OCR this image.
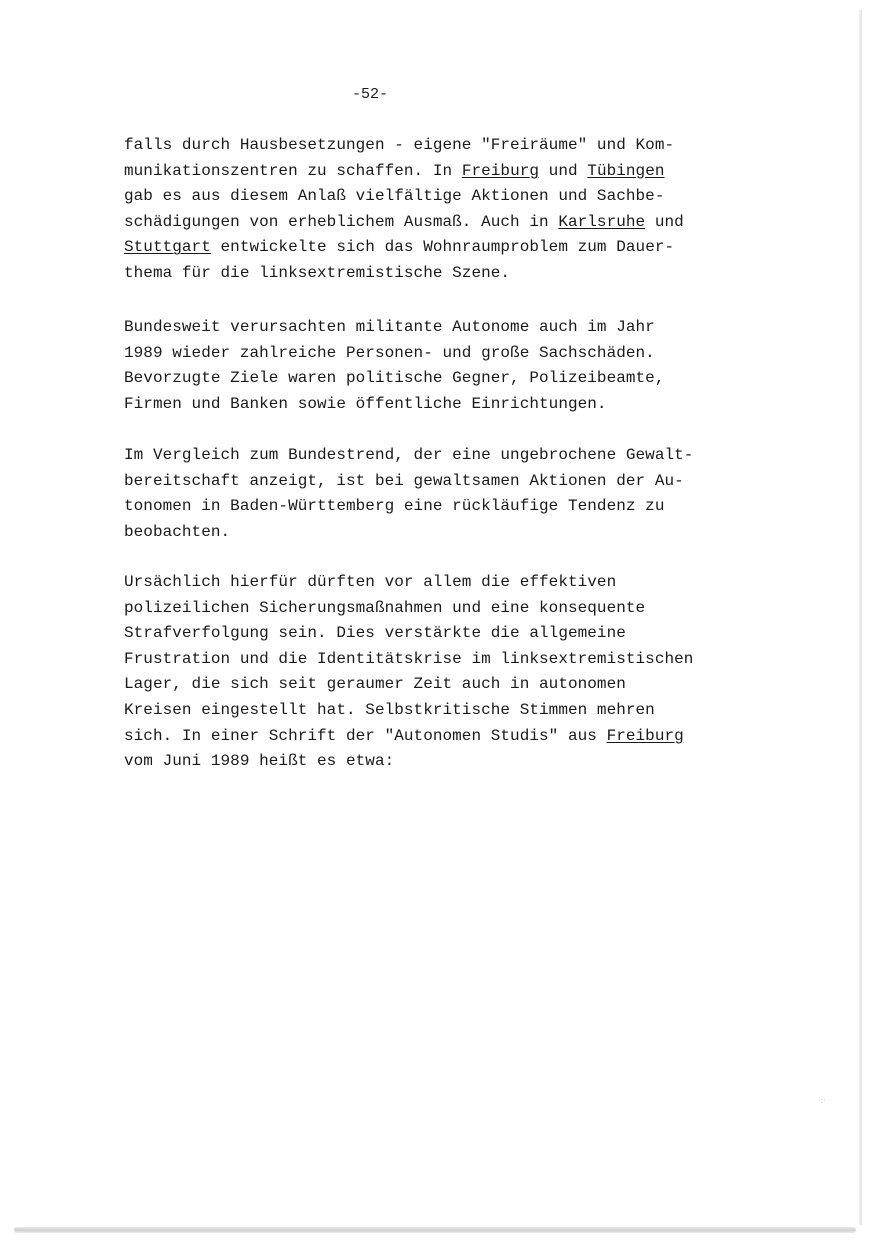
-52-
falls durch Hausbesetzungen - eigene "Freiräume" und Kom-
munikationszentren zu schaffen. In Freiburg und Tübingen
gab es aus diesem Anlaß vielfältige Aktionen und Sachbe-
schädigungen von erheblichem Ausmaß. Auch in Karlsruhe und
Stuttgart entwickelte sich das Wohnraumproblem zum Dauer-
thema für die linksextremistische Szene.
Bundesweit verursachten militante Autonome auch im Jahr
1989 wieder zahlreiche Personen- und große Sachschäden.
Bevorzugte Ziele waren politische Gegner, Polizeibeamte,
Firmen und Banken sowie öffentliche Einrichtungen.
Im Vergleich zum Bundestrend, der eine ungebrochene Gewalt-
bereitschaft anzeigt, ist bei gewaltsamen Aktionen der Au-
tonomen in Baden-Württemberg eine rückläufige Tendenz zu
beobachten.
Ursächlich hierfür dürften vor allem die effektiven
polizeilichen Sicherungsmaßnahmen und eine konsequente
Strafverfolgung sein. Dies verstärkte die allgemeine
Frustration und die Identitätskrise im linksextremistischen
Lager, die sich seit geraumer Zeit auch in autonomen
Kreisen eingestellt hat. Selbstkritische Stimmen mehren
sich. In einer Schrift der "Autonomen Studis" aus Freiburg
vom Juni 1989 heißt es etwa:
·:·
